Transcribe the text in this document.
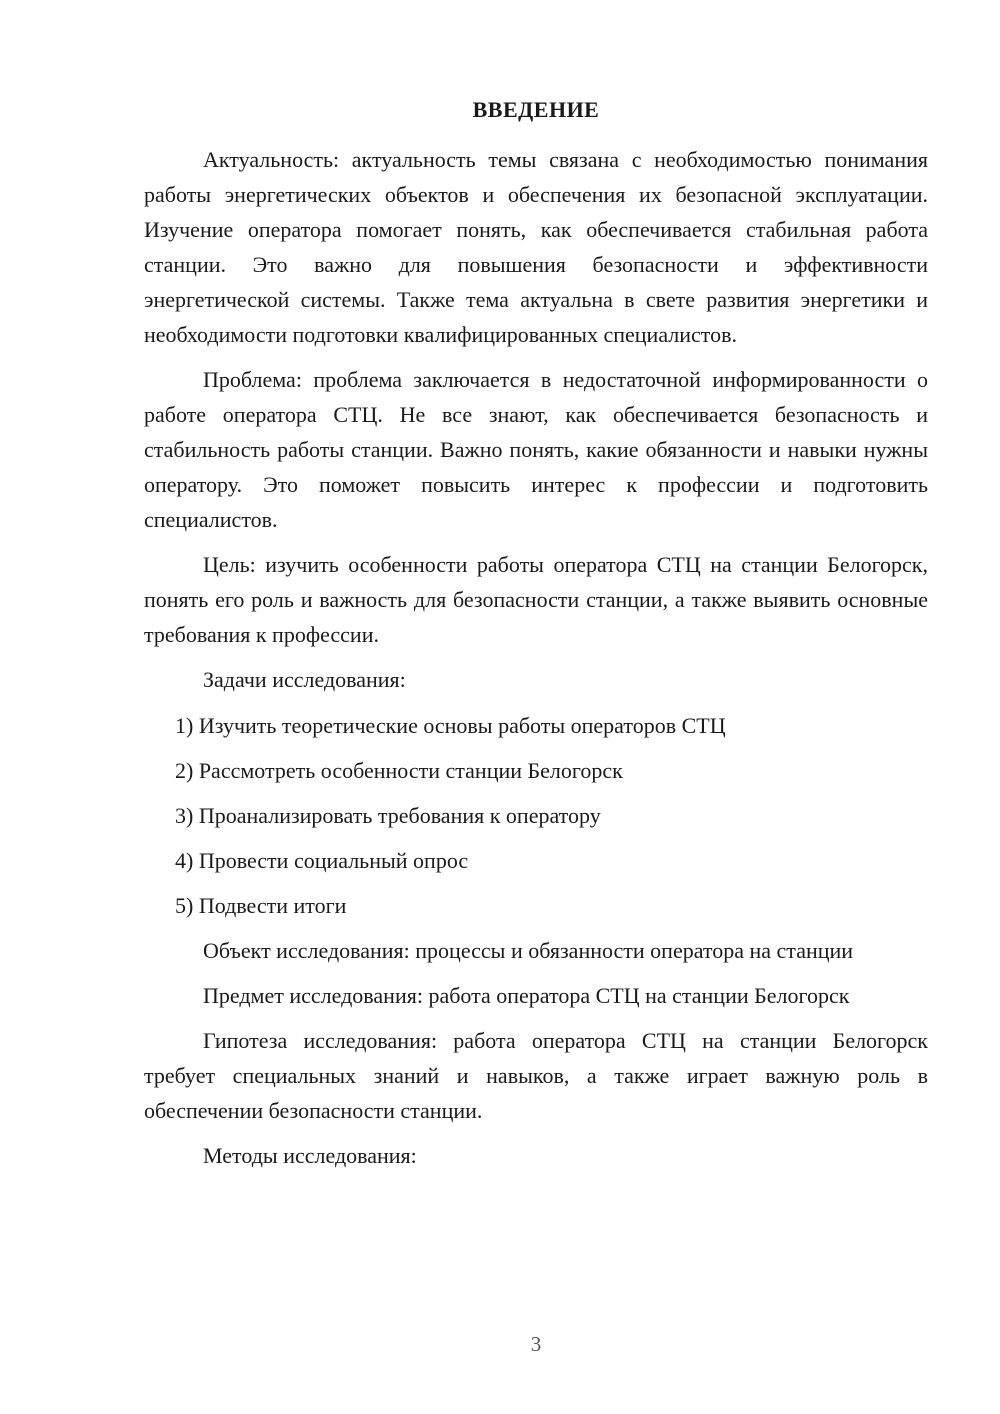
ВВЕДЕНИЕ

Актуальность: актуальность темы связана с необходимостью понимания работы энергетических объектов и обеспечения их безопасной эксплуатации. Изучение оператора помогает понять, как обеспечивается стабильная работа станции. Это важно для повышения безопасности и эффективности энергетической системы. Также тема актуальна в свете развития энергетики и необходимости подготовки квалифицированных специалистов.

Проблема: проблема заключается в недостаточной информированности о работе оператора СТЦ. Не все знают, как обеспечивается безопасность и стабильность работы станции. Важно понять, какие обязанности и навыки нужны оператору. Это поможет повысить интерес к профессии и подготовить специалистов.

Цель: изучить особенности работы оператора СТЦ на станции Белогорск, понять его роль и важность для безопасности станции, а также выявить основные требования к профессии.

Задачи исследования:

1) Изучить теоретические основы работы операторов СТЦ

2) Рассмотреть особенности станции Белогорск

3) Проанализировать требования к оператору

4) Провести социальный опрос

5) Подвести итоги

Объект исследования: процессы и обязанности оператора на станции

Предмет исследования: работа оператора СТЦ на станции Белогорск

Гипотеза исследования: работа оператора СТЦ на станции Белогорск требует специальных знаний и навыков, а также играет важную роль в обеспечении безопасности станции.

Методы исследования:

3
